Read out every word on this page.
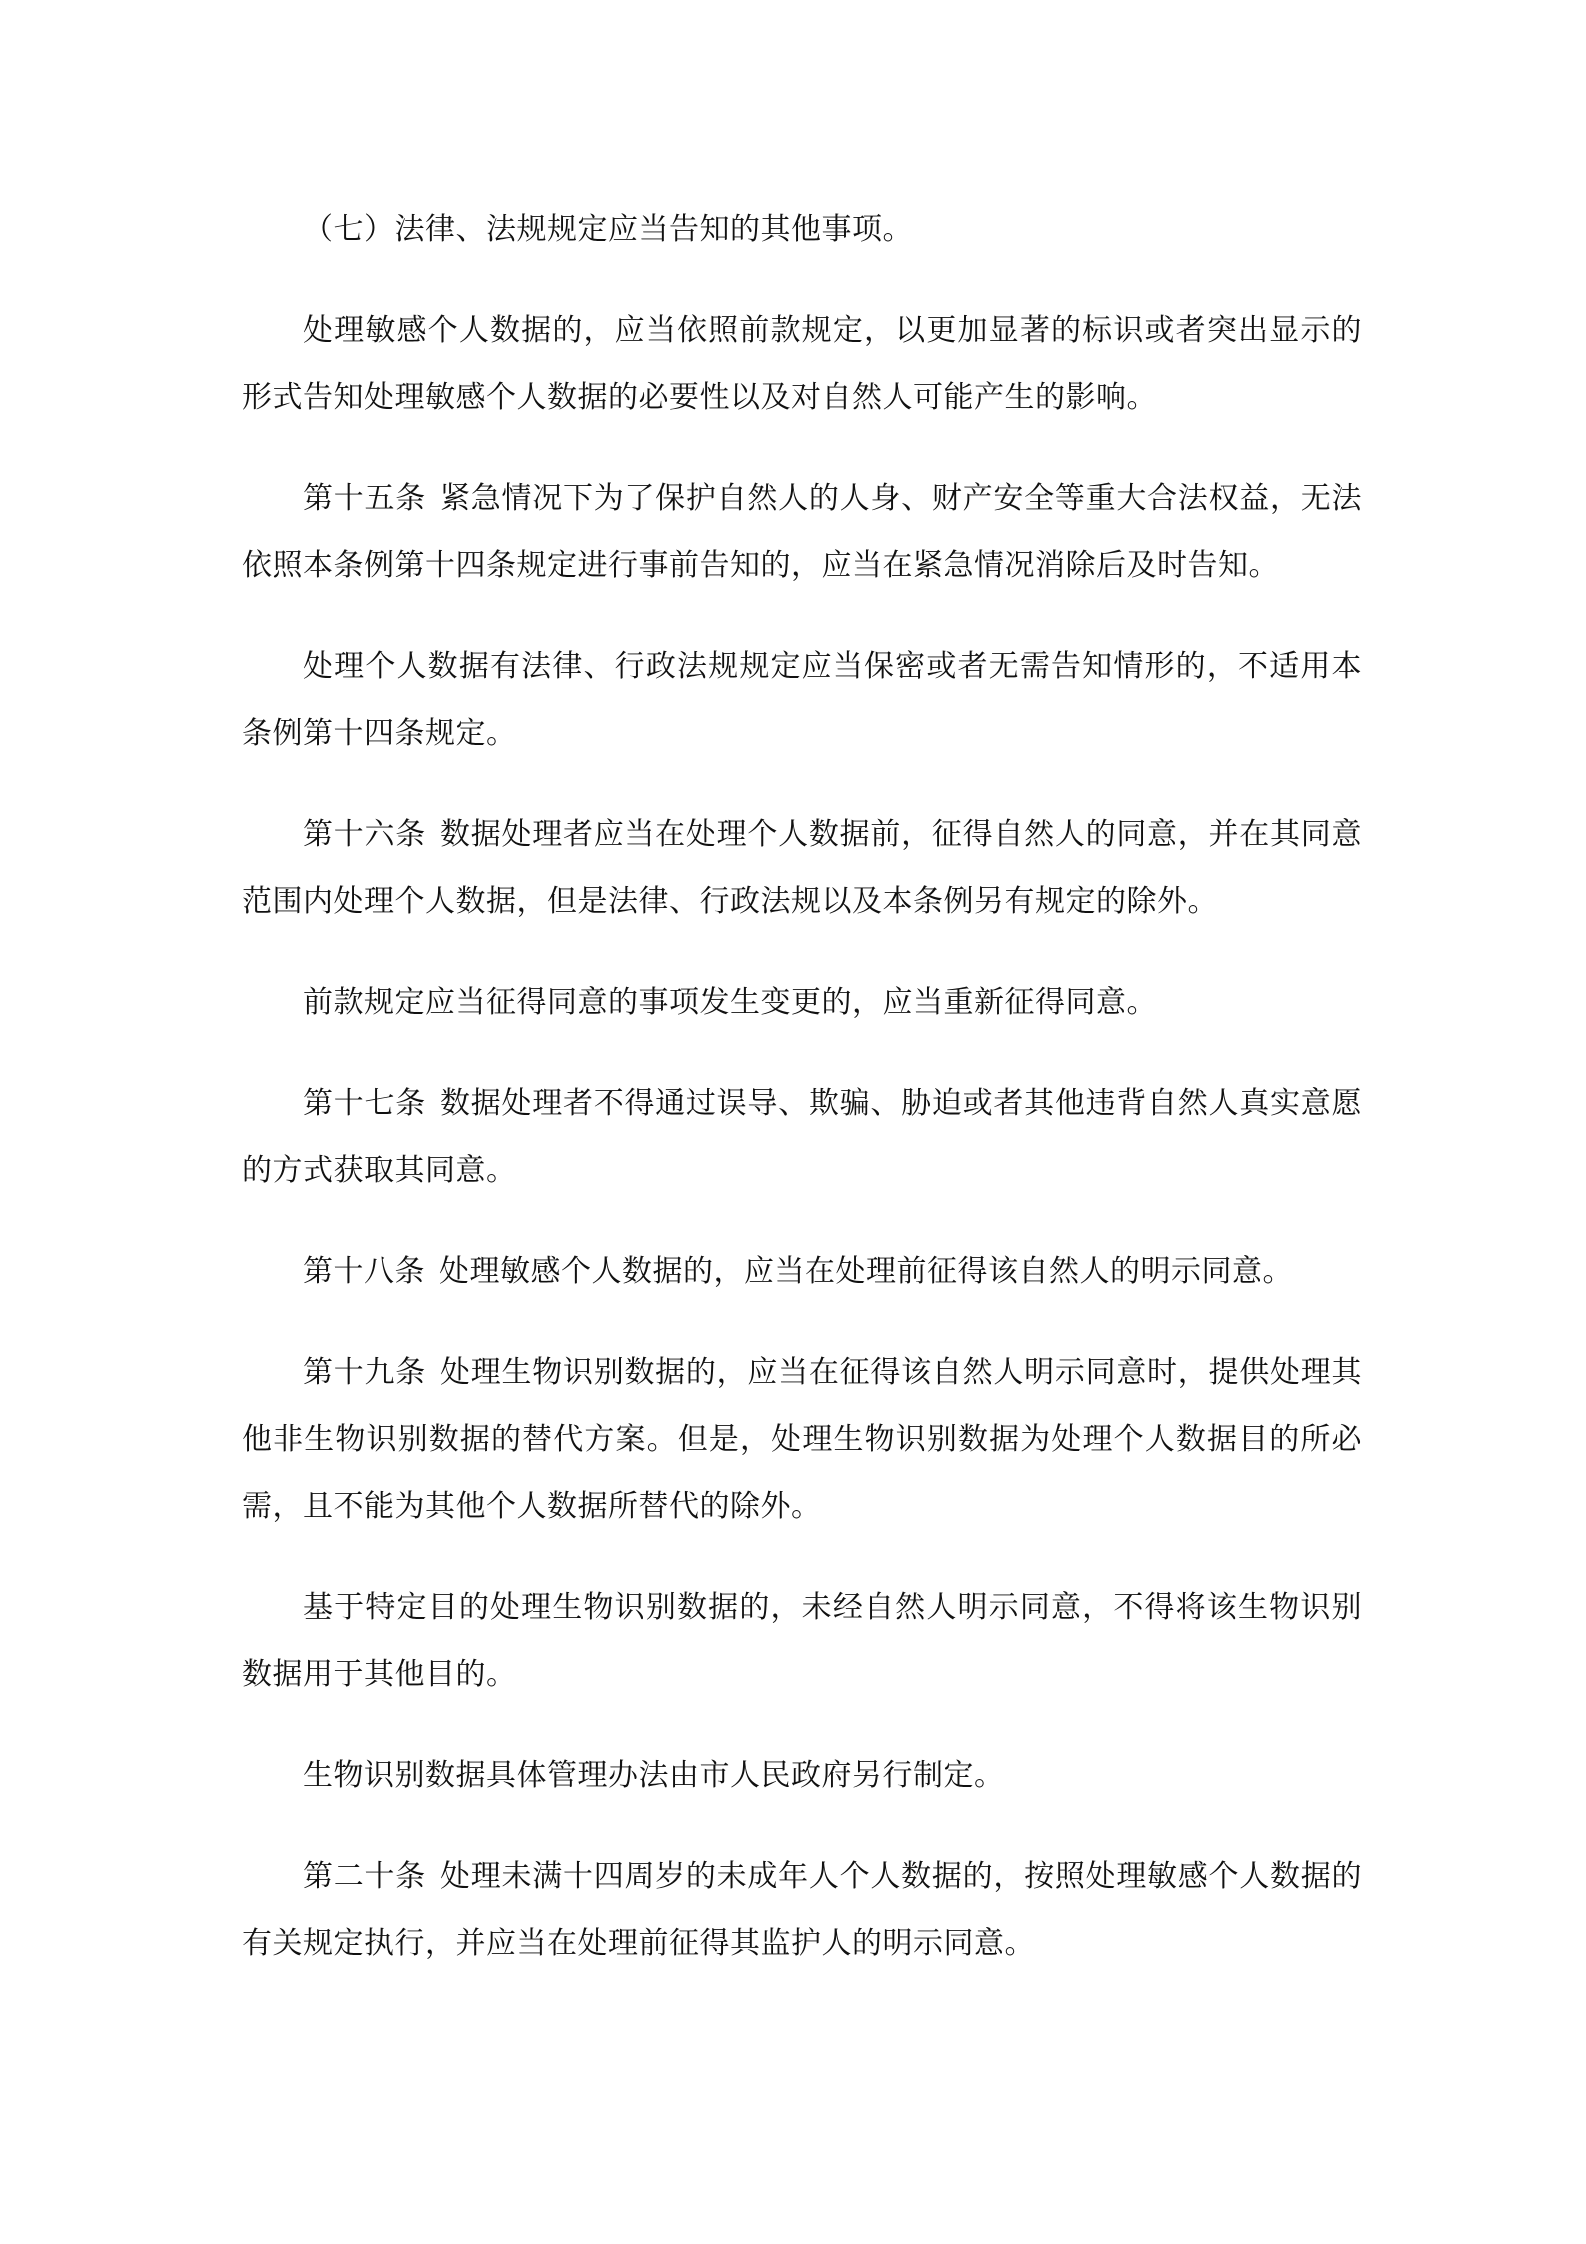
（七）法律、法规规定应当告知的其他事项。

处理敏感个人数据的，应当依照前款规定，以更加显著的标识或者突出显示的形式告知处理敏感个人数据的必要性以及对自然人可能产生的影响。

第十五条 紧急情况下为了保护自然人的人身、财产安全等重大合法权益，无法依照本条例第十四条规定进行事前告知的，应当在紧急情况消除后及时告知。

处理个人数据有法律、行政法规规定应当保密或者无需告知情形的，不适用本条例第十四条规定。

第十六条 数据处理者应当在处理个人数据前，征得自然人的同意，并在其同意范围内处理个人数据，但是法律、行政法规以及本条例另有规定的除外。

前款规定应当征得同意的事项发生变更的，应当重新征得同意。

第十七条 数据处理者不得通过误导、欺骗、胁迫或者其他违背自然人真实意愿的方式获取其同意。

第十八条 处理敏感个人数据的，应当在处理前征得该自然人的明示同意。

第十九条 处理生物识别数据的，应当在征得该自然人明示同意时，提供处理其他非生物识别数据的替代方案。但是，处理生物识别数据为处理个人数据目的所必需，且不能为其他个人数据所替代的除外。

基于特定目的处理生物识别数据的，未经自然人明示同意，不得将该生物识别数据用于其他目的。

生物识别数据具体管理办法由市人民政府另行制定。

第二十条 处理未满十四周岁的未成年人个人数据的，按照处理敏感个人数据的有关规定执行，并应当在处理前征得其监护人的明示同意。
